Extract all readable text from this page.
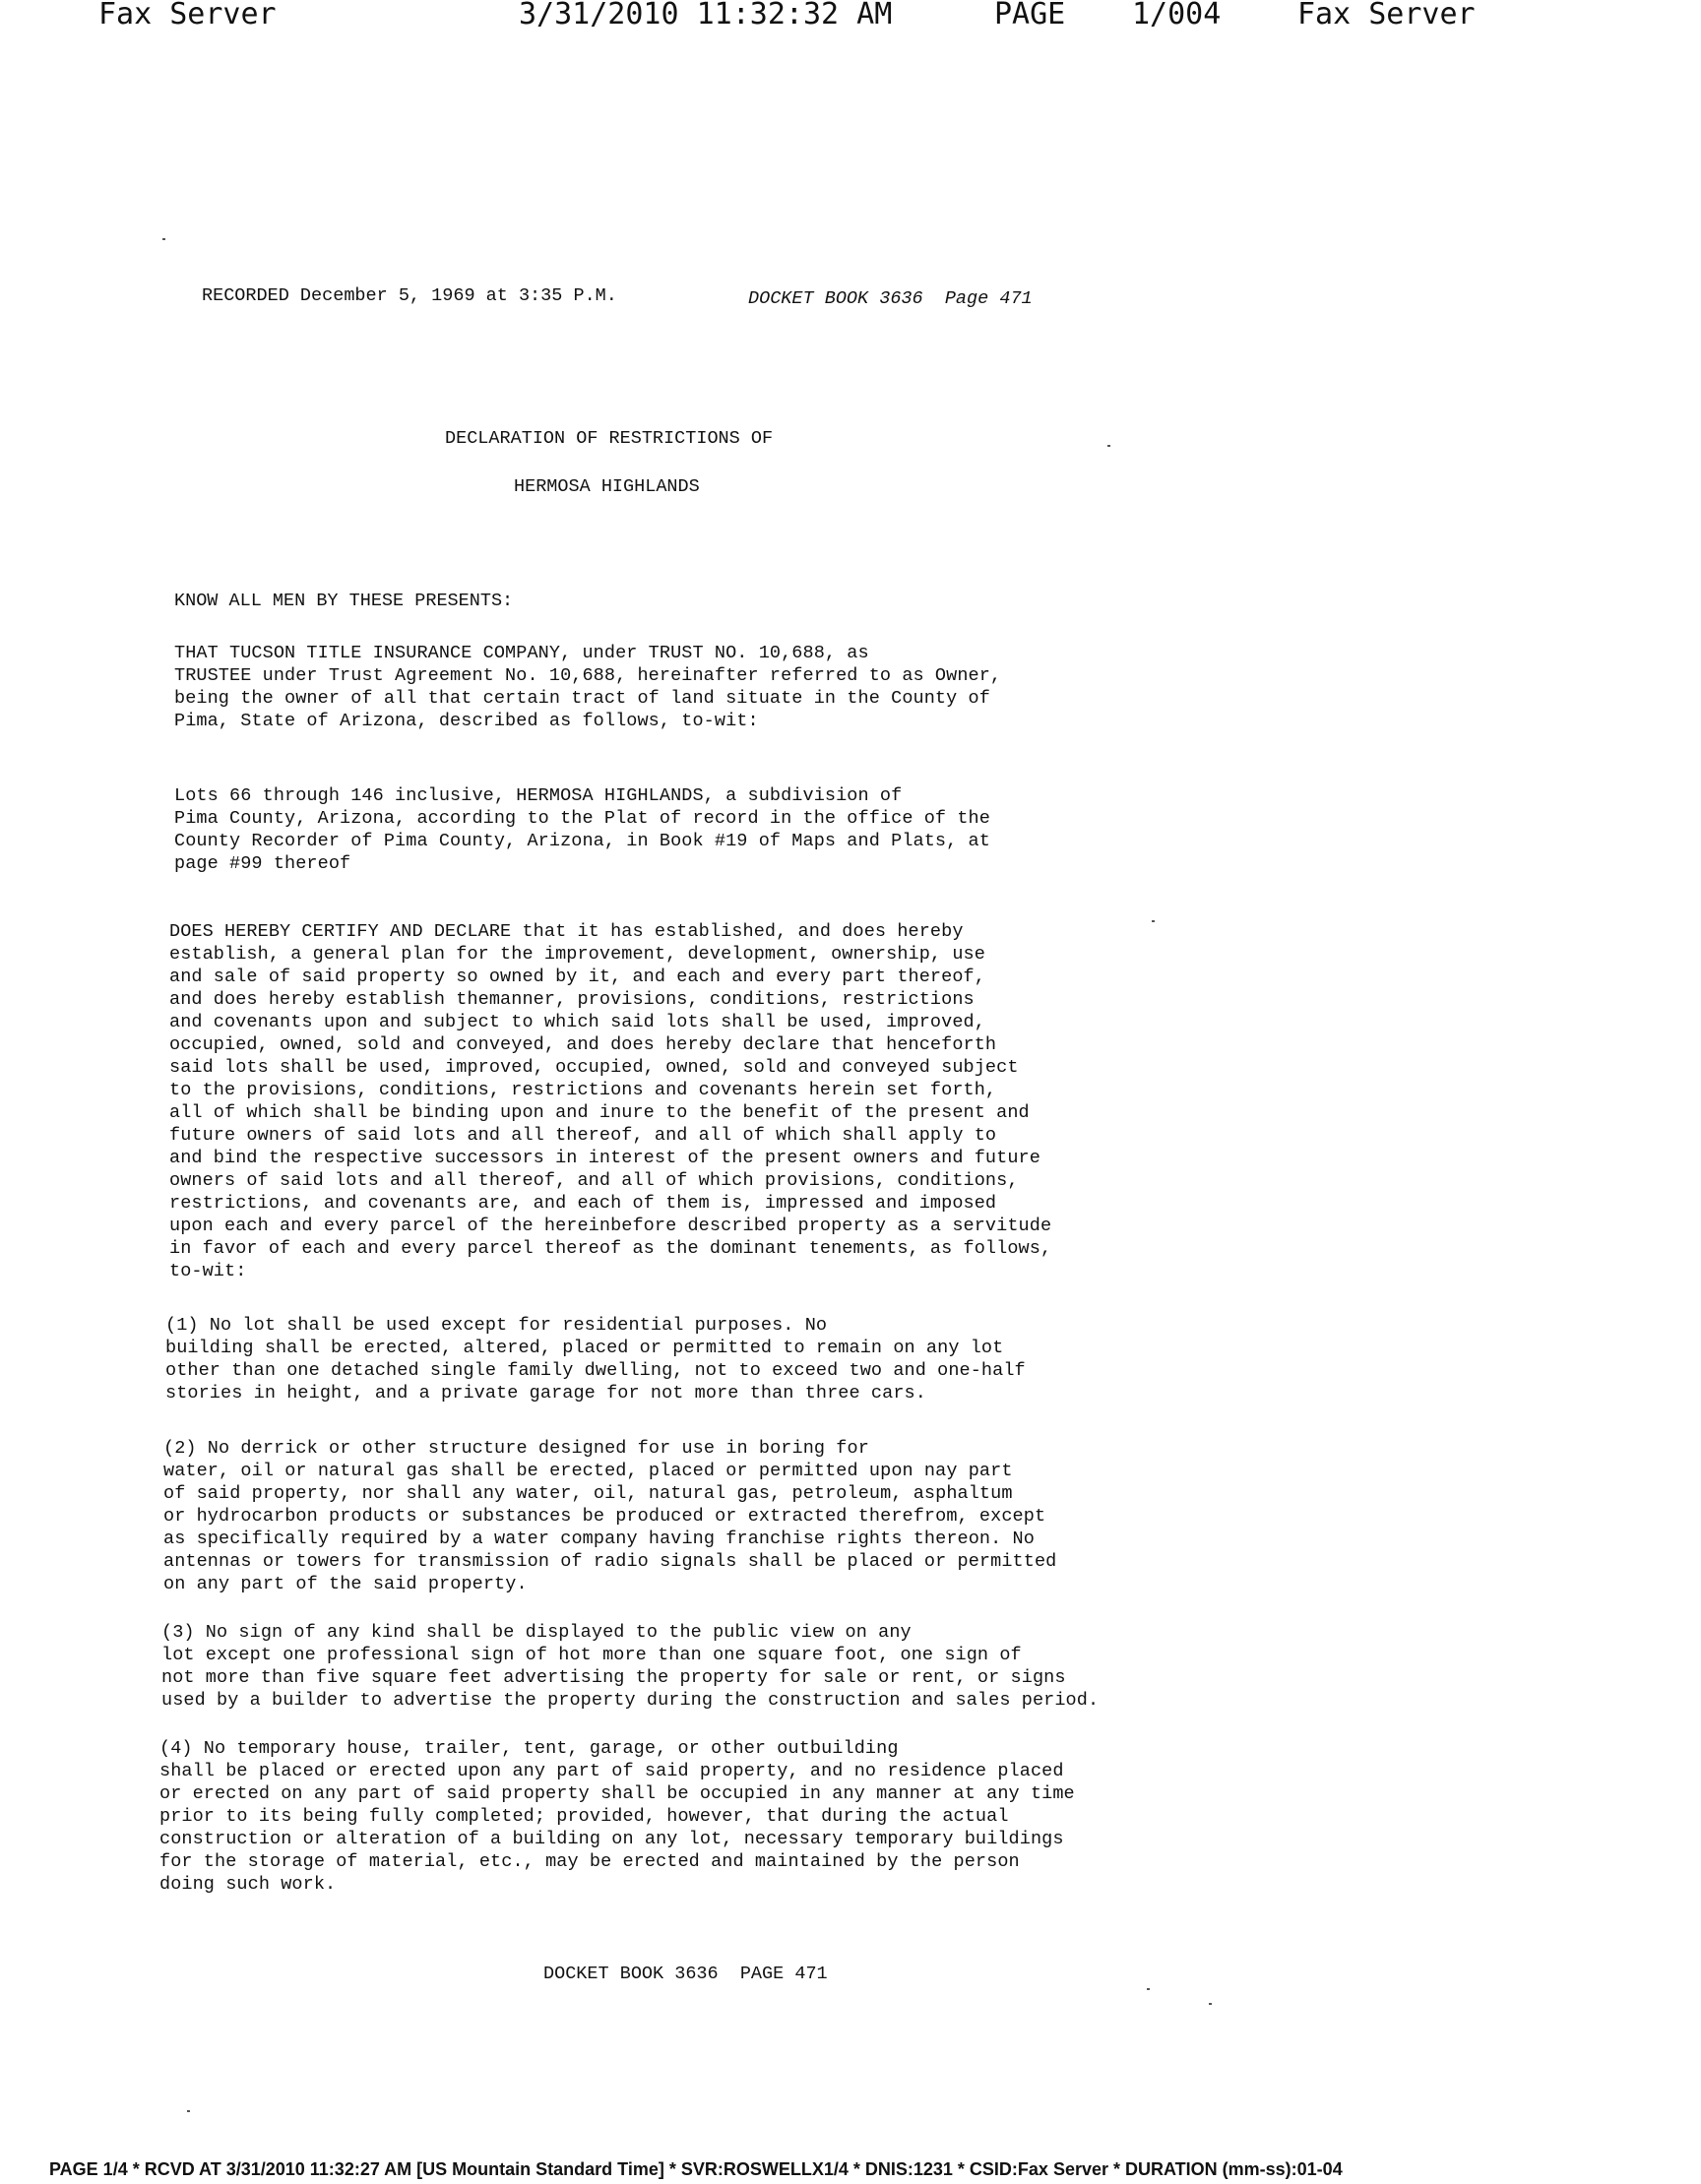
Fax Server	3/31/2010 11:32:32 AM	PAGE 1/004	Fax Server
RECORDED December 5, 1969 at 3:35 P.M.	DOCKET BOOK 3636  Page 471
DECLARATION OF RESTRICTIONS OF
HERMOSA HIGHLANDS
KNOW ALL MEN BY THESE PRESENTS:
THAT TUCSON TITLE INSURANCE COMPANY, under TRUST NO. 10,688, as
TRUSTEE under Trust Agreement No. 10,688, hereinafter referred to as Owner,
being the owner of all that certain tract of land situate in the County of
Pima, State of Arizona, described as follows, to-wit:
Lots 66 through 146 inclusive, HERMOSA HIGHLANDS, a subdivision of
Pima County, Arizona, according to the Plat of record in the office of the
County Recorder of Pima County, Arizona, in Book #19 of Maps and Plats, at
page #99 thereof
DOES HEREBY CERTIFY AND DECLARE that it has established, and does hereby
establish, a general plan for the improvement, development, ownership, use
and sale of said property so owned by it, and each and every part thereof,
and does hereby establish themanner, provisions, conditions, restrictions
and covenants upon and subject to which said lots shall be used, improved,
occupied, owned, sold and conveyed, and does hereby declare that henceforth
said lots shall be used, improved, occupied, owned, sold and conveyed subject
to the provisions, conditions, restrictions and covenants herein set forth,
all of which shall be binding upon and inure to the benefit of the present and
future owners of said lots and all thereof, and all of which shall apply to
and bind the respective successors in interest of the present owners and future
owners of said lots and all thereof, and all of which provisions, conditions,
restrictions, and covenants are, and each of them is, impressed and imposed
upon each and every parcel of the hereinbefore described property as a servitude
in favor of each and every parcel thereof as the dominant tenements, as follows,
to-wit:
(1) No lot shall be used except for residential purposes. No
building shall be erected, altered, placed or permitted to remain on any lot
other than one detached single family dwelling, not to exceed two and one-half
stories in height, and a private garage for not more than three cars.
(2) No derrick or other structure designed for use in boring for
water, oil or natural gas shall be erected, placed or permitted upon nay part
of said property, nor shall any water, oil, natural gas, petroleum, asphaltum
or hydrocarbon products or substances be produced or extracted therefrom, except
as specifically required by a water company having franchise rights thereon. No
antennas or towers for transmission of radio signals shall be placed or permitted
on any part of the said property.
(3) No sign of any kind shall be displayed to the public view on any
lot except one professional sign of hot more than one square foot, one sign of
not more than five square feet advertising the property for sale or rent, or signs
used by a builder to advertise the property during the construction and sales period.
(4) No temporary house, trailer, tent, garage, or other outbuilding
shall be placed or erected upon any part of said property, and no residence placed
or erected on any part of said property shall be occupied in any manner at any time
prior to its being fully completed; provided, however, that during the actual
construction or alteration of a building on any lot, necessary temporary buildings
for the storage of material, etc., may be erected and maintained by the person
doing such work.
DOCKET BOOK 3636  PAGE 471
PAGE 1/4 * RCVD AT 3/31/2010 11:32:27 AM [US Mountain Standard Time] * SVR:ROSWELLX1/4 * DNIS:1231 * CSID:Fax Server * DURATION (mm-ss):01-04
